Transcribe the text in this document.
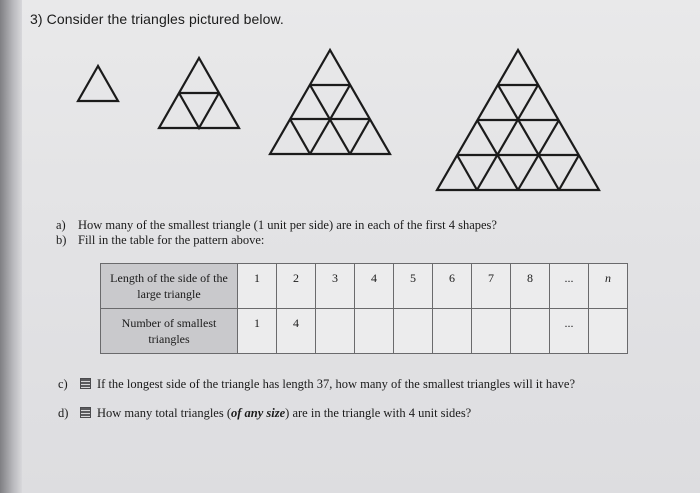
3) Consider the triangles pictured below.
a) How many of the smallest triangle (1 unit per side) are in each of the first 4 shapes?
b) Fill in the table for the pattern above:
Length of the side of the large triangle	1	2	3	4	5	6	7	8	...	n
Number of smallest triangles	1	4							...	
c) If the longest side of the triangle has length 37, how many of the smallest triangles will it have?
d) How many total triangles (of any size) are in the triangle with 4 unit sides?
